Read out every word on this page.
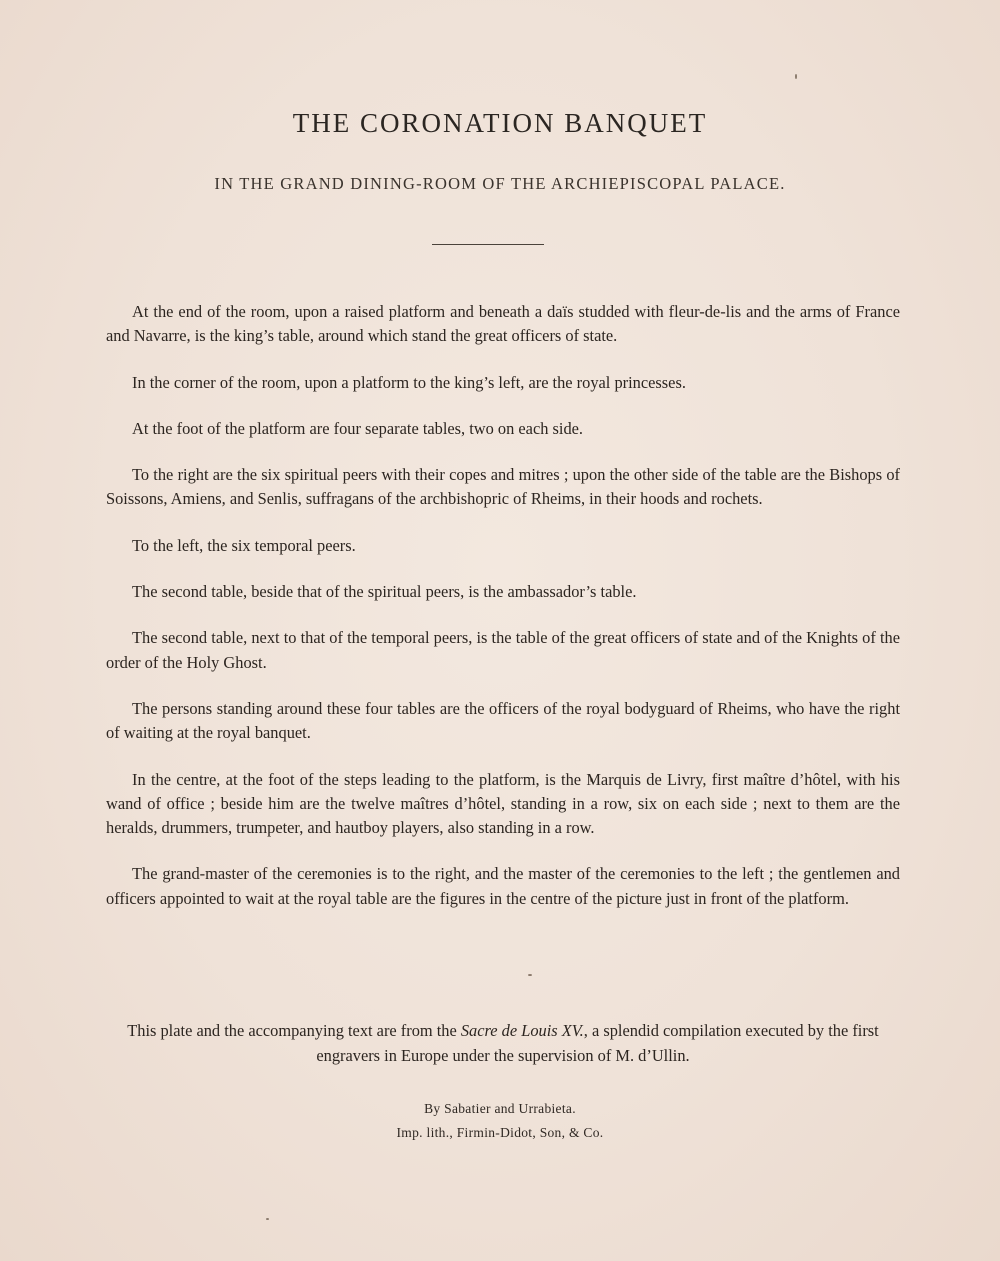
THE CORONATION BANQUET
IN THE GRAND DINING-ROOM OF THE ARCHIEPISCOPAL PALACE.

At the end of the room, upon a raised platform and beneath a daïs studded with fleur-de-lis and the arms of France and Navarre, is the king’s table, around which stand the great officers of state.

In the corner of the room, upon a platform to the king’s left, are the royal princesses.

At the foot of the platform are four separate tables, two on each side.

To the right are the six spiritual peers with their copes and mitres ; upon the other side of the table are the Bishops of Soissons, Amiens, and Senlis, suffragans of the archbishopric of Rheims, in their hoods and rochets.

To the left, the six temporal peers.

The second table, beside that of the spiritual peers, is the ambassador’s table.

The second table, next to that of the temporal peers, is the table of the great officers of state and of the Knights of the order of the Holy Ghost.

The persons standing around these four tables are the officers of the royal bodyguard of Rheims, who have the right of waiting at the royal banquet.

In the centre, at the foot of the steps leading to the platform, is the Marquis de Livry, first maître d’hôtel, with his wand of office ; beside him are the twelve maîtres d’hôtel, standing in a row, six on each side ; next to them are the heralds, drummers, trumpeter, and hautboy players, also standing in a row.

The grand-master of the ceremonies is to the right, and the master of the ceremonies to the left ; the gentlemen and officers appointed to wait at the royal table are the figures in the centre of the picture just in front of the platform.

This plate and the accompanying text are from the Sacre de Louis XV., a splendid compilation executed by the first engravers in Europe under the supervision of M. d’Ullin.
By Sabatier and Urrabieta.
Imp. lith., Firmin-Didot, Son, & Co.
